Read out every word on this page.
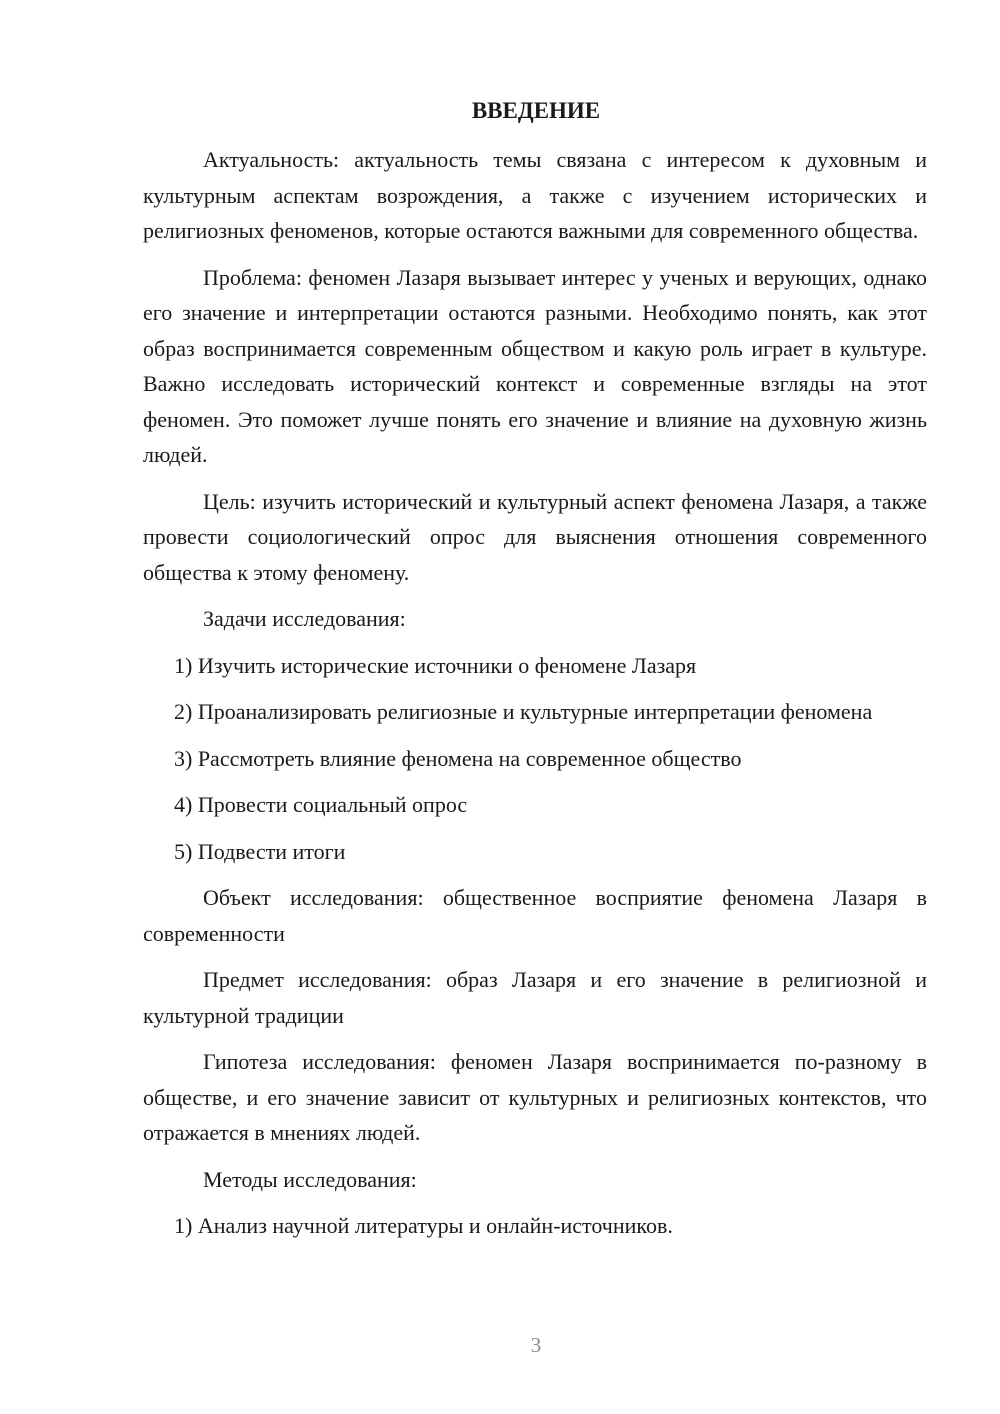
ВВЕДЕНИЕ

Актуальность: актуальность темы связана с интересом к духовным и культурным аспектам возрождения, а также с изучением исторических и религиозных феноменов, которые остаются важными для современного общества.

Проблема: феномен Лазаря вызывает интерес у ученых и верующих, однако его значение и интерпретации остаются разными. Необходимо понять, как этот образ воспринимается современным обществом и какую роль играет в культуре. Важно исследовать исторический контекст и современные взгляды на этот феномен. Это поможет лучше понять его значение и влияние на духовную жизнь людей.

Цель: изучить исторический и культурный аспект феномена Лазаря, а также провести социологический опрос для выяснения отношения современного общества к этому феномену.

Задачи исследования:

1) Изучить исторические источники о феномене Лазаря

2) Проанализировать религиозные и культурные интерпретации феномена

3) Рассмотреть влияние феномена на современное общество

4) Провести социальный опрос

5) Подвести итоги

Объект исследования: общественное восприятие феномена Лазаря в современности

Предмет исследования: образ Лазаря и его значение в религиозной и культурной традиции

Гипотеза исследования: феномен Лазаря воспринимается по-разному в обществе, и его значение зависит от культурных и религиозных контекстов, что отражается в мнениях людей.

Методы исследования:

1) Анализ научной литературы и онлайн-источников.

3
